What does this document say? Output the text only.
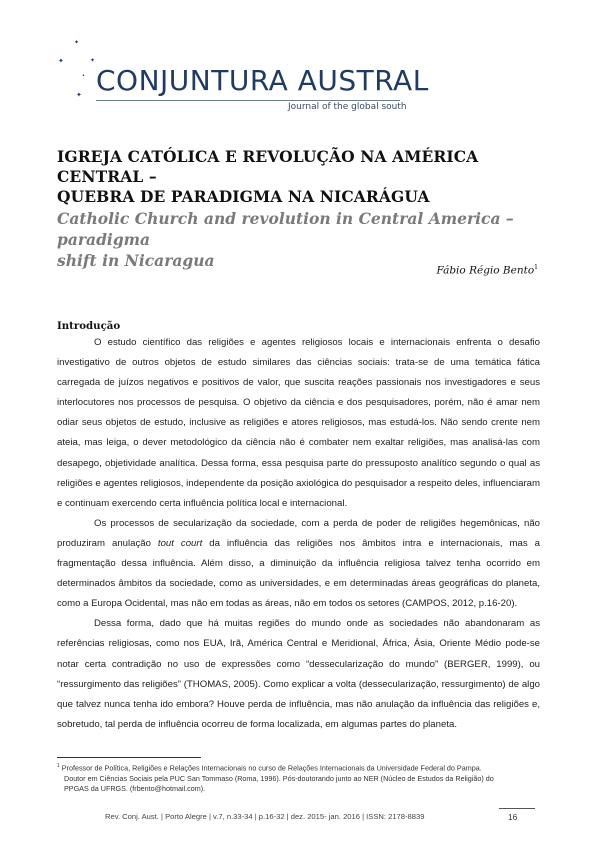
✦
✦	✦
•
✦ CONJUNTURA AUSTRAL
Journal of the global south
IGREJA CATÓLICA E REVOLUÇÃO NA AMÉRICA CENTRAL –
QUEBRA DE PARADIGMA NA NICARÁGUA
Catholic Church and revolution in Central America – paradigma
shift in Nicaragua
Fábio Régio Bento$^1$
Introdução

O estudo científico das religiões e agentes religiosos locais e internacionais enfrenta o desafio investigativo de outros objetos de estudo similares das ciências sociais: trata-se de uma temática fática carregada de juízos negativos e positivos de valor, que suscita reações passionais nos investigadores e seus interlocutores nos processos de pesquisa. O objetivo da ciência e dos pesquisadores, porém, não é amar nem odiar seus objetos de estudo, inclusive as religiões e atores religiosos, mas estudá-los. Não sendo crente nem ateia, mas leiga, o dever metodológico da ciência não é combater nem exaltar religiões, mas analisá-las com desapego, objetividade analítica. Dessa forma, essa pesquisa parte do pressuposto analítico segundo o qual as religiões e agentes religiosos, independente da posição axiológica do pesquisador a respeito deles, influenciaram e continuam exercendo certa influência política local e internacional.

Os processos de secularização da sociedade, com a perda de poder de religiões hegemônicas, não produziram anulação tout court da influência das religiões nos âmbitos intra e internacionais, mas a fragmentação dessa influência. Além disso, a diminuição da influência religiosa talvez tenha ocorrido em determinados âmbitos da sociedade, como as universidades, e em determinadas áreas geográficas do planeta, como a Europa Ocidental, mas não em todas as áreas, não em todos os setores (CAMPOS, 2012, p.16-20).

Dessa forma, dado que há muitas regiões do mundo onde as sociedades não abandonaram as referências religiosas, como nos EUA, Irã, América Central e Meridional, África, Ásia, Oriente Médio pode-se notar certa contradição no uso de expressões como “dessecularização do mundo” (BERGER, 1999), ou “ressurgimento das religiões” (THOMAS, 2005). Como explicar a volta (dessecularização, ressurgimento) de algo que talvez nunca tenha ido embora? Houve perda de influência, mas não anulação da influência das religiões e, sobretudo, tal perda de influência ocorreu de forma localizada, em algumas partes do planeta.

$^1$ Professor de Política, Religiões e Relações Internacionais no curso de Relações Internacionais da Universidade Federal do Pampa.
Doutor em Ciências Sociais pela PUC San Tommaso (Roma, 1996). Pós-doutorando junto ao NER (Núcleo de Estudos da Religião) do
PPGAS da UFRGS. (frbento@hotmail.com).
Rev. Conj. Aust. | Porto Alegre | v.7, n.33-34 | p.16-32 | dez. 2015- jan. 2016 | ISSN: 2178-8839	16
